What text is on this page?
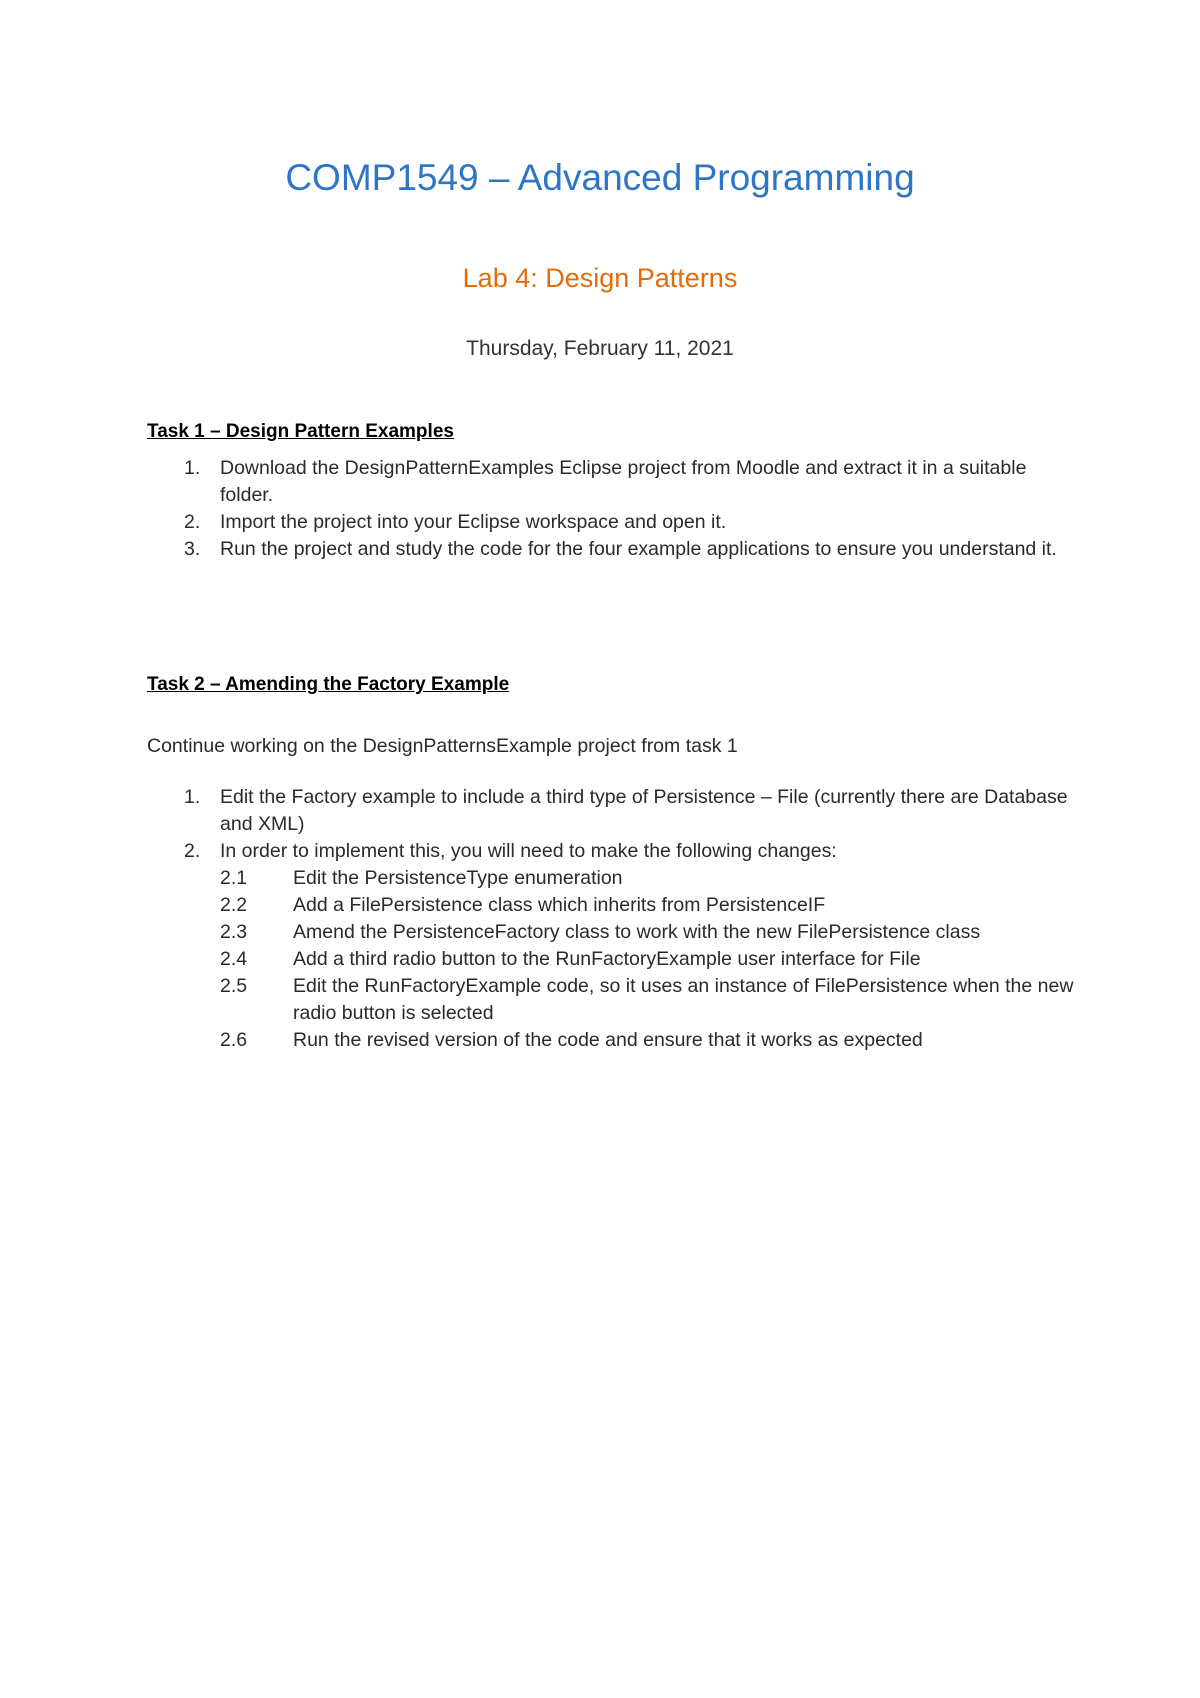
COMP1549 – Advanced Programming
Lab 4: Design Patterns
Thursday, February 11, 2021
Task 1 – Design Pattern Examples
1. Download the DesignPatternExamples Eclipse project from Moodle and extract it in a suitable folder.
2. Import the project into your Eclipse workspace and open it.
3. Run the project and study the code for the four example applications to ensure you understand it.
Task 2 – Amending the Factory Example
Continue working on the DesignPatternsExample project from task 1
1. Edit the Factory example to include a third type of Persistence – File (currently there are Database and XML)
2. In order to implement this, you will need to make the following changes:
2.1 Edit the PersistenceType enumeration
2.2 Add a FilePersistence class which inherits from PersistenceIF
2.3 Amend the PersistenceFactory class to work with the new FilePersistence class
2.4 Add a third radio button to the RunFactoryExample user interface for File
2.5 Edit the RunFactoryExample code, so it uses an instance of FilePersistence when the new radio button is selected
2.6 Run the revised version of the code and ensure that it works as expected
